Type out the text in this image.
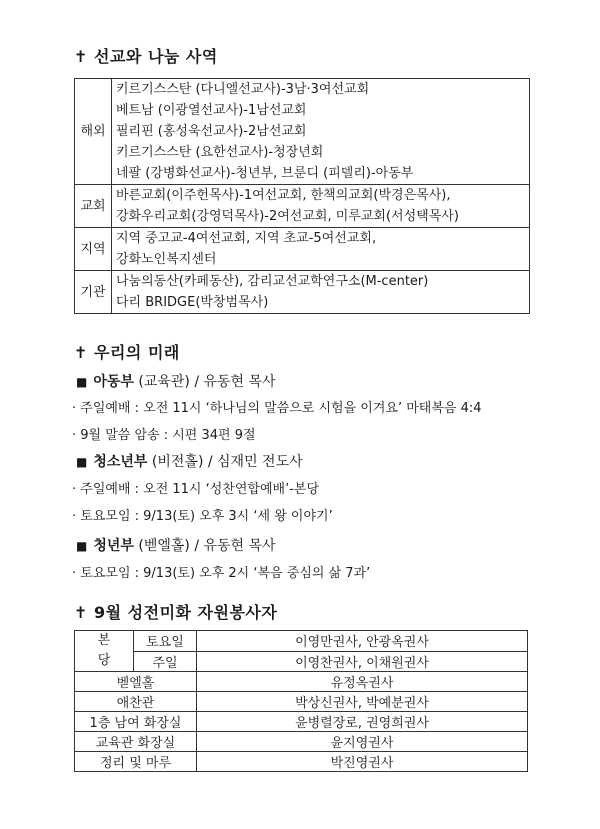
✝ 선교와 나눔 사역
해외	키르기스스탄 (다니엘선교사)-3남·3여선교회
베트남 (이광열선교사)-1남선교회
필리핀 (홍성욱선교사)-2남선교회
키르기스스탄 (요한선교사)-청장년회
네팔 (강병화선교사)-청년부, 브룬디 (피델리)-아동부

교회	바른교회(이주헌목사)-1여선교회, 한책의교회(박경은목사),
강화우리교회(강영덕목사)-2여선교회, 미루교회(서성택목사)

지역	지역 중고교-4여선교회, 지역 초교-5여선교회,
강화노인복지센터

기관	나눔의동산(카페동산), 감리교선교학연구소(M-center)
다리 BRIDGE(박창범목사)
✝ 우리의 미래
■ 아동부 (교육관) / 유동현 목사
· 주일예배 : 오전 11시 ‘하나님의 말씀으로 시험을 이겨요’ 마태복음 4:4
· 9월 말씀 암송 : 시편 34편 9절
■ 청소년부 (비전홀) / 심재민 전도사
· 주일예배 : 오전 11시 ‘성찬연합예배’-본당
· 토요모임 : 9/13(토) 오후 3시 ‘세 왕 이야기’
■ 청년부 (벧엘홀) / 유동현 목사
· 토요모임 : 9/13(토) 오후 2시 ‘복음 중심의 삶 7과’
✝ 9월 성전미화 자원봉사자
본
당	토요일	이영만권사, 안광옥권사
	주일	이영찬권사, 이채원권사
벧엘홀		유정옥권사
애찬관		박상신권사, 박예분권사
1층 남여 화장실		윤병렬장로, 권영희권사
교육관 화장실		윤지영권사
정리 및 마루		박진영권사
